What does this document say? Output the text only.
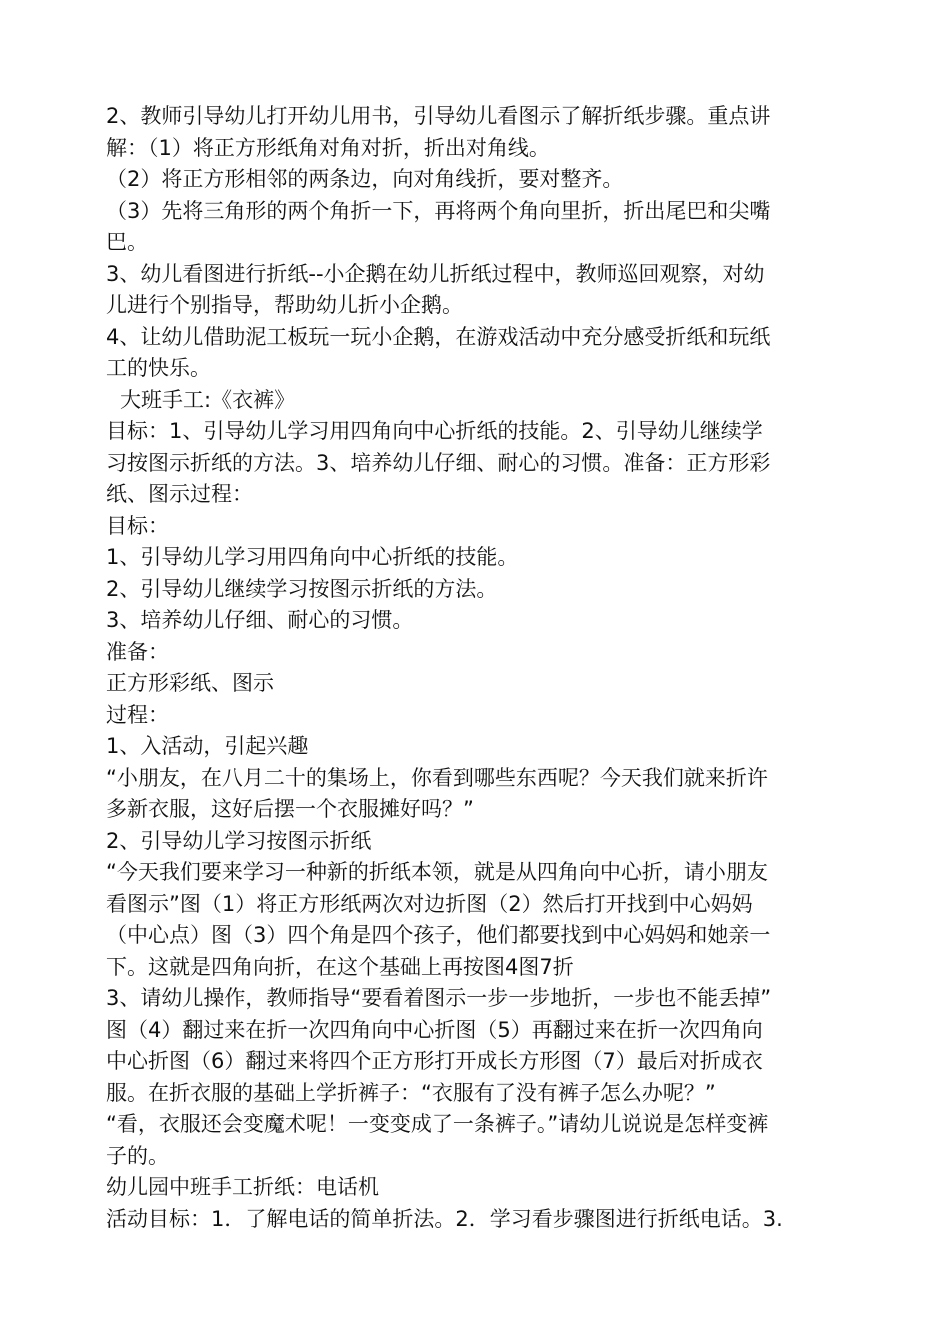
2、教师引导幼儿打开幼儿用书，引导幼儿看图示了解折纸步骤。重点讲
解：（1）将正方形纸角对角对折，折出对角线。
（2）将正方形相邻的两条边，向对角线折，要对整齐。
（3）先将三角形的两个角折一下，再将两个角向里折，折出尾巴和尖嘴
巴。
3、幼儿看图进行折纸--小企鹅在幼儿折纸过程中，教师巡回观察，对幼
儿进行个别指导，帮助幼儿折小企鹅。
4、让幼儿借助泥工板玩一玩小企鹅，在游戏活动中充分感受折纸和玩纸
工的快乐。
大班手工:《衣裤》
目标：1、引导幼儿学习用四角向中心折纸的技能。2、引导幼儿继续学
习按图示折纸的方法。3、培养幼儿仔细、耐心的习惯。准备：正方形彩
纸、图示过程：
目标：
1、引导幼儿学习用四角向中心折纸的技能。
2、引导幼儿继续学习按图示折纸的方法。
3、培养幼儿仔细、耐心的习惯。
准备：
正方形彩纸、图示
过程：
1、入活动，引起兴趣
“小朋友，在八月二十的集场上，你看到哪些东西呢？今天我们就来折许
多新衣服，这好后摆一个衣服摊好吗？”
2、引导幼儿学习按图示折纸
“今天我们要来学习一种新的折纸本领，就是从四角向中心折，请小朋友
看图示”图（1）将正方形纸两次对边折图（2）然后打开找到中心妈妈
（中心点）图（3）四个角是四个孩子，他们都要找到中心妈妈和她亲一
下。这就是四角向折，在这个基础上再按图4图7折
3、请幼儿操作，教师指导“要看着图示一步一步地折，一步也不能丢掉”
图（4）翻过来在折一次四角向中心折图（5）再翻过来在折一次四角向
中心折图（6）翻过来将四个正方形打开成长方形图（7）最后对折成衣
服。在折衣服的基础上学折裤子：“衣服有了没有裤子怎么办呢？”
“看，衣服还会变魔术呢！一变变成了一条裤子。”请幼儿说说是怎样变裤
子的。
幼儿园中班手工折纸：电话机
活动目标：1．了解电话的简单折法。2．学习看步骤图进行折纸电话。3.
